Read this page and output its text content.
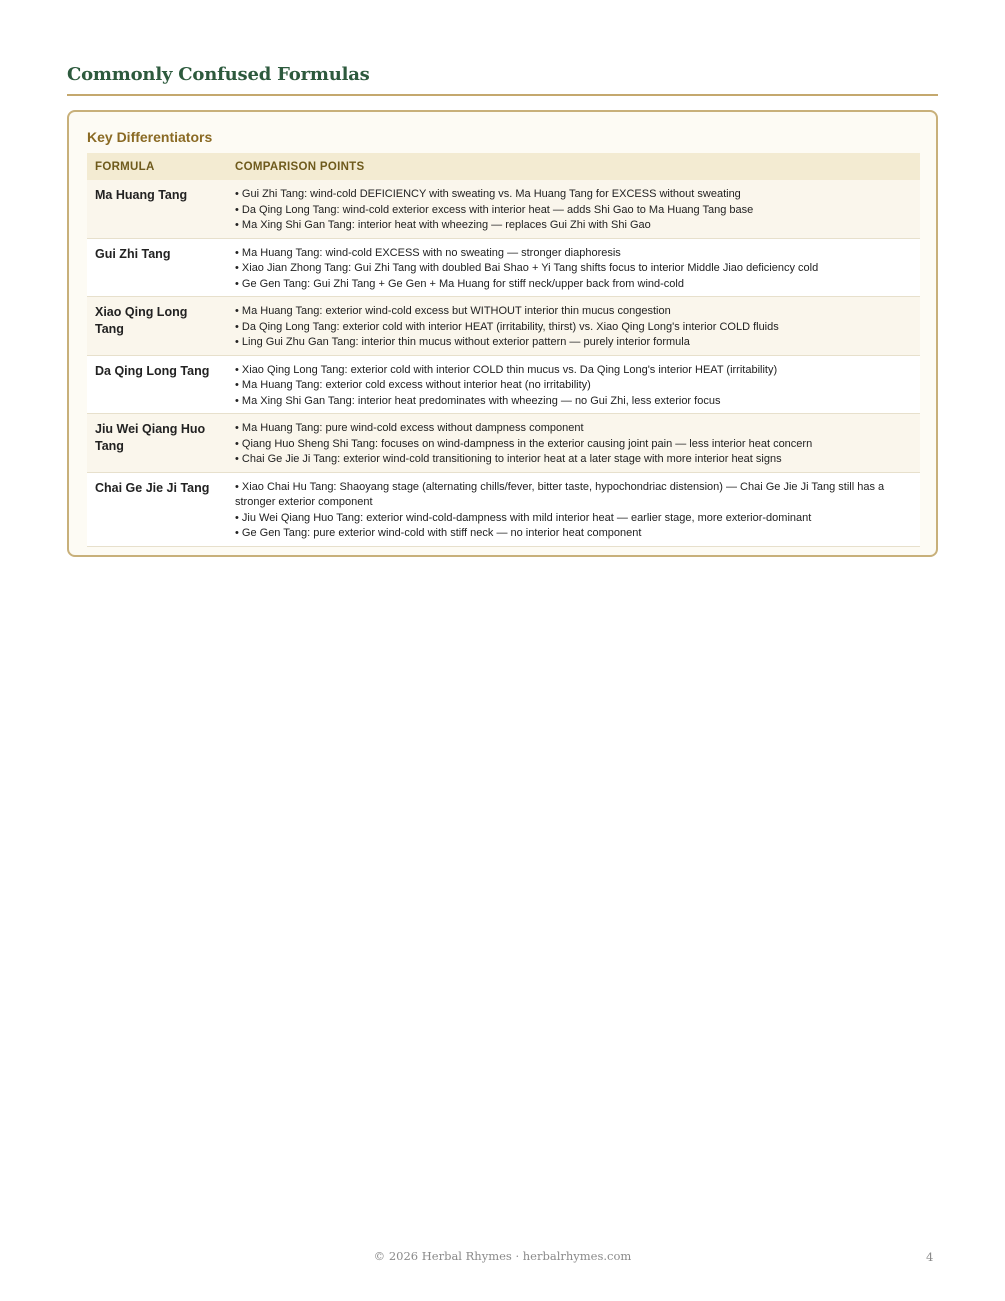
Commonly Confused Formulas
Key Differentiators
FORMULA	COMPARISON POINTS

Ma Huang Tang	• Gui Zhi Tang: wind-cold DEFICIENCY with sweating vs. Ma Huang Tang for EXCESS without sweating

• Da Qing Long Tang: wind-cold exterior excess with interior heat — adds Shi Gao to Ma Huang Tang base

• Ma Xing Shi Gan Tang: interior heat with wheezing — replaces Gui Zhi with Shi Gao

Gui Zhi Tang	• Ma Huang Tang: wind-cold EXCESS with no sweating — stronger diaphoresis

• Xiao Jian Zhong Tang: Gui Zhi Tang with doubled Bai Shao + Yi Tang shifts focus to interior Middle Jiao deficiency cold

• Ge Gen Tang: Gui Zhi Tang + Ge Gen + Ma Huang for stiff neck/upper back from wind-cold

Xiao Qing Long Tang	• Ma Huang Tang: exterior wind-cold excess but WITHOUT interior thin mucus congestion

• Da Qing Long Tang: exterior cold with interior HEAT (irritability, thirst) vs. Xiao Qing Long's interior COLD fluids

• Ling Gui Zhu Gan Tang: interior thin mucus without exterior pattern — purely interior formula

Da Qing Long Tang	• Xiao Qing Long Tang: exterior cold with interior COLD thin mucus vs. Da Qing Long's interior HEAT (irritability)

• Ma Huang Tang: exterior cold excess without interior heat (no irritability)

• Ma Xing Shi Gan Tang: interior heat predominates with wheezing — no Gui Zhi, less exterior focus

Jiu Wei Qiang Huo Tang	• Ma Huang Tang: pure wind-cold excess without dampness component

• Qiang Huo Sheng Shi Tang: focuses on wind-dampness in the exterior causing joint pain — less interior heat concern

• Chai Ge Jie Ji Tang: exterior wind-cold transitioning to interior heat at a later stage with more interior heat signs

Chai Ge Jie Ji Tang	• Xiao Chai Hu Tang: Shaoyang stage (alternating chills/fever, bitter taste, hypochondriac distension) — Chai Ge Jie Ji Tang still has a stronger exterior component

• Jiu Wei Qiang Huo Tang: exterior wind-cold-dampness with mild interior heat — earlier stage, more exterior-dominant

• Ge Gen Tang: pure exterior wind-cold with stiff neck — no interior heat component

© 2026 Herbal Rhymes · herbalrhymes.com	4
